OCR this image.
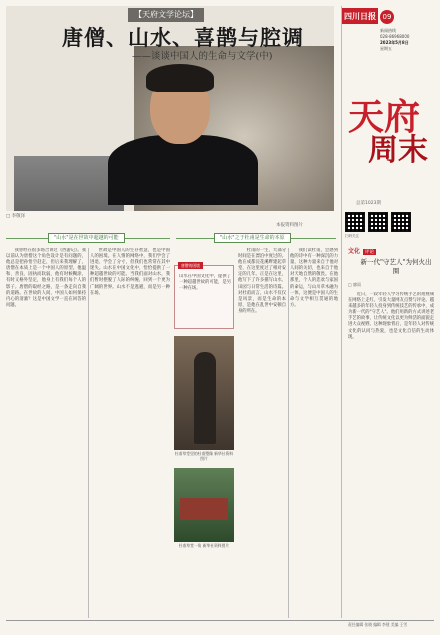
【天府文学论坛】
唐僧、山水、喜鹊与腔调
——谈谈中国人的生命与文学(中)
□ 李敬泽
本报资料图片
四川日报 09
新闻热线
028-86968000
2023年5月8日
星期五
天府
周末
总第1023期
扫码关注
"山水"是在世故中超越的可能	"山水"之于杜甫是生命的本原

我曾经在很多场合讲过《西游记》。我以前认为唐僧这个角色设计是有问题的，他总是把孙悟空赶走，但后来我理解了，唐僧在本质上是一个中国人的原型。他温和、善良、固执而软弱，他有时候糊涂，有时又格外坚定，他身上有我们每个人的影子。唐僧的取经之路，是一条走向自我的道路。在世故的人间，中国人如何保持内心的清澈？这是中国文学一直在回答的问题。

世故是中国人的生存智慧，也是中国人的困境。在人情的网络中，我们学会了进退、学会了分寸，但我们也常常在其中迷失。山水在中国文化中，恰恰提供了一种超越世故的可能。当我们面对山水，我们暂时摆脱了人际的纠缠，回到一个更为广阔的世界。山水不是逃避，而是另一种在场。

山水在中国文化中，提供了一种超越世故的可能，是另一种在场。
唐僧的困境
杜甫草堂里的杜甫塑像 新华社资料图片
杜甫草堂一角 新华社资料图片

杜甫的一生，大部分时间是在漂泊中度过的。他在成都浣花溪畔建起草堂，在这里度过了相对安定的几年。正是在这里，他写下了许多描写山水、田园与日常生活的诗篇。对杜甫而言，山水不仅仅是风景，而是生命的本原，是他在乱世中安顿自身的所在。

我们读杜甫，会感到他的诗中有一种深沉的力量，这种力量来自于他对人间的关切，也来自于他对天地自然的敬畏。在他那里，个人的悲欢与家国的命运，与山川草木融为一体，这便是中国人的生命与文学相互贯通的地方。

文化 评论
新一代"守艺人"为何火出圈
□ 廖雨

近日，一段年轻人学习传统手艺的短视频在网络上走红，引发大量网友点赞与评论。越来越多的年轻人投身到传统技艺的传承中，成为新一代的"守艺人"。他们用新的方式讲述老手艺的故事，让传统文化以更为鲜活的面貌走进大众视野。这种现象背后，是年轻人对传统文化的认同与热爱，也是文化自信的生动体现。

责任编辑 张晓 编辑 李建 美编 王雪
